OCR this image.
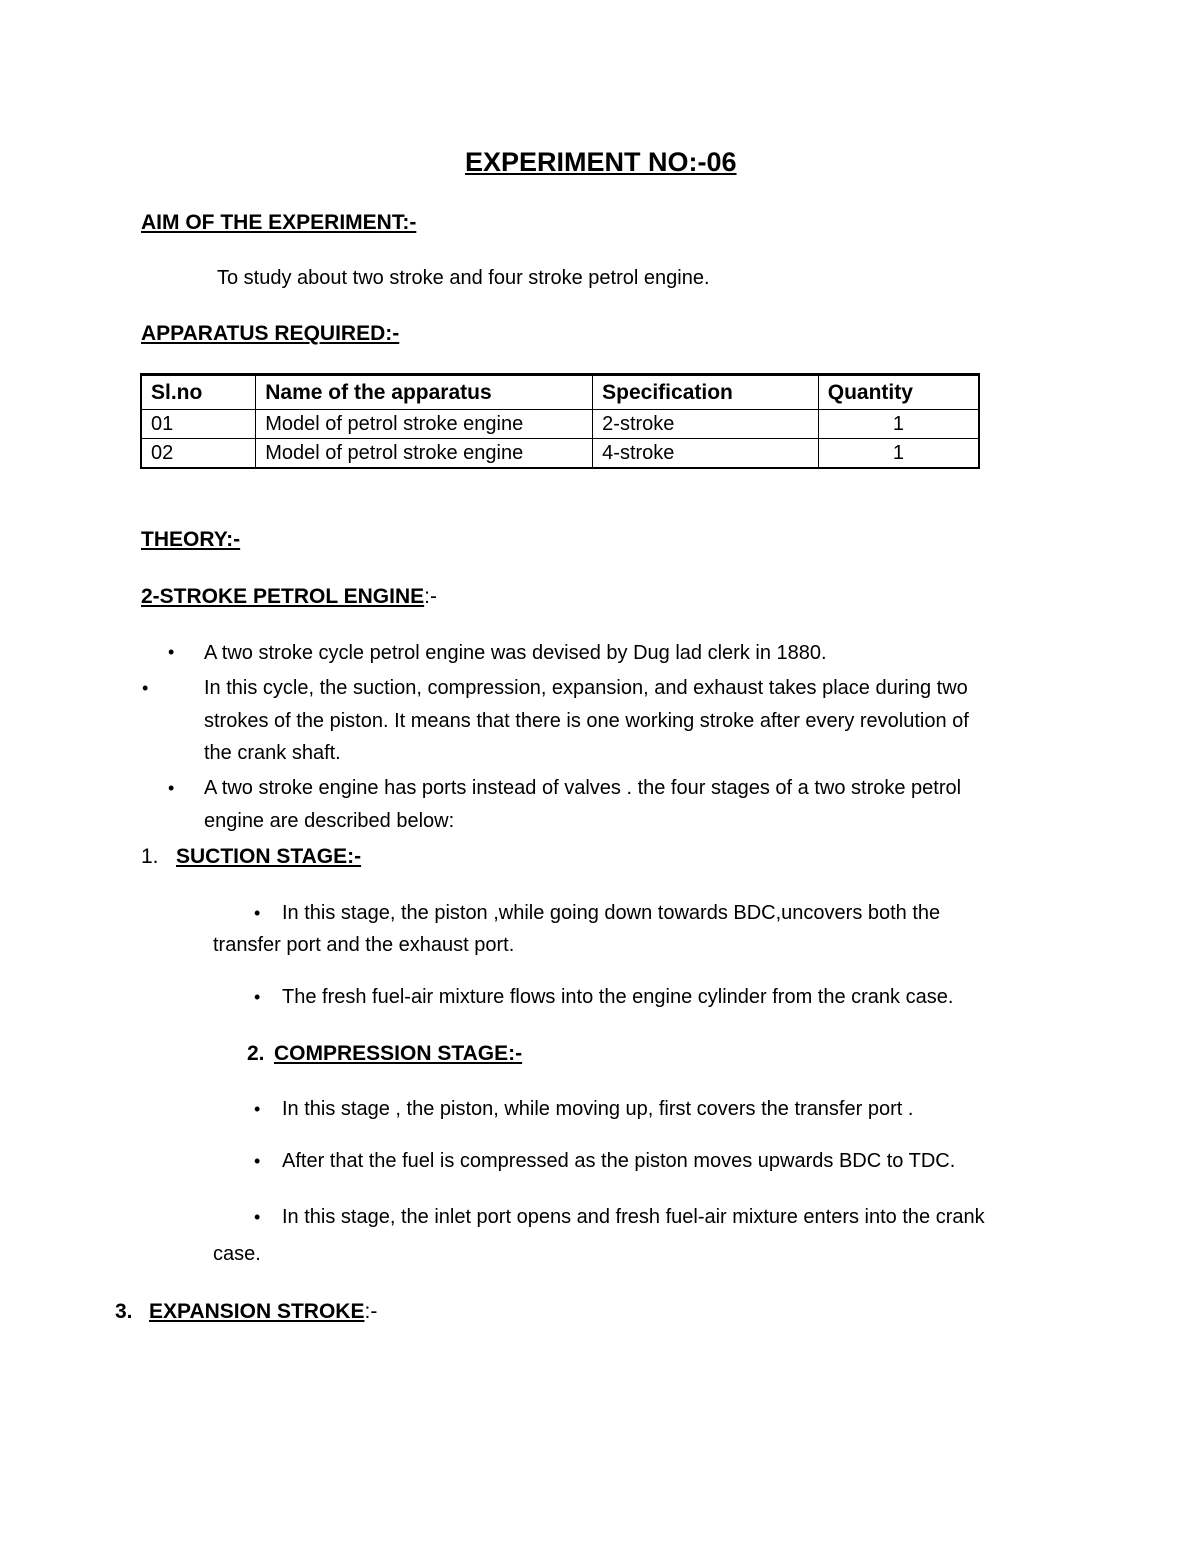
EXPERIMENT NO:-06
AIM OF THE EXPERIMENT:-
To study about two stroke and four stroke petrol engine.
APPARATUS REQUIRED:-
Sl.no	Name of the apparatus	Specification	Quantity
01	Model of petrol stroke engine	2-stroke	1
02	Model of petrol stroke engine	4-stroke	1
THEORY:-
2-STROKE PETROL ENGINE:-
• A two stroke cycle petrol engine was devised by Dug lad clerk in 1880.
•	In this cycle, the suction, compression, expansion, and exhaust takes place during two
strokes of the piston. It means that there is one working stroke after every revolution of
the crank shaft.
• A two stroke engine has ports instead of valves . the four stages of a two stroke petrol
engine are described below:
1. SUCTION STAGE:-
• In this stage, the piston ,while going down towards BDC,uncovers both the
transfer port and the exhaust port.
• The fresh fuel-air mixture flows into the engine cylinder from the crank case.
2. COMPRESSION STAGE:-
• In this stage , the piston, while moving up, first covers the transfer port .
• After that the fuel is compressed as the piston moves upwards BDC to TDC.
• In this stage, the inlet port opens and fresh fuel-air mixture enters into the crank
case.
3. EXPANSION STROKE:-
